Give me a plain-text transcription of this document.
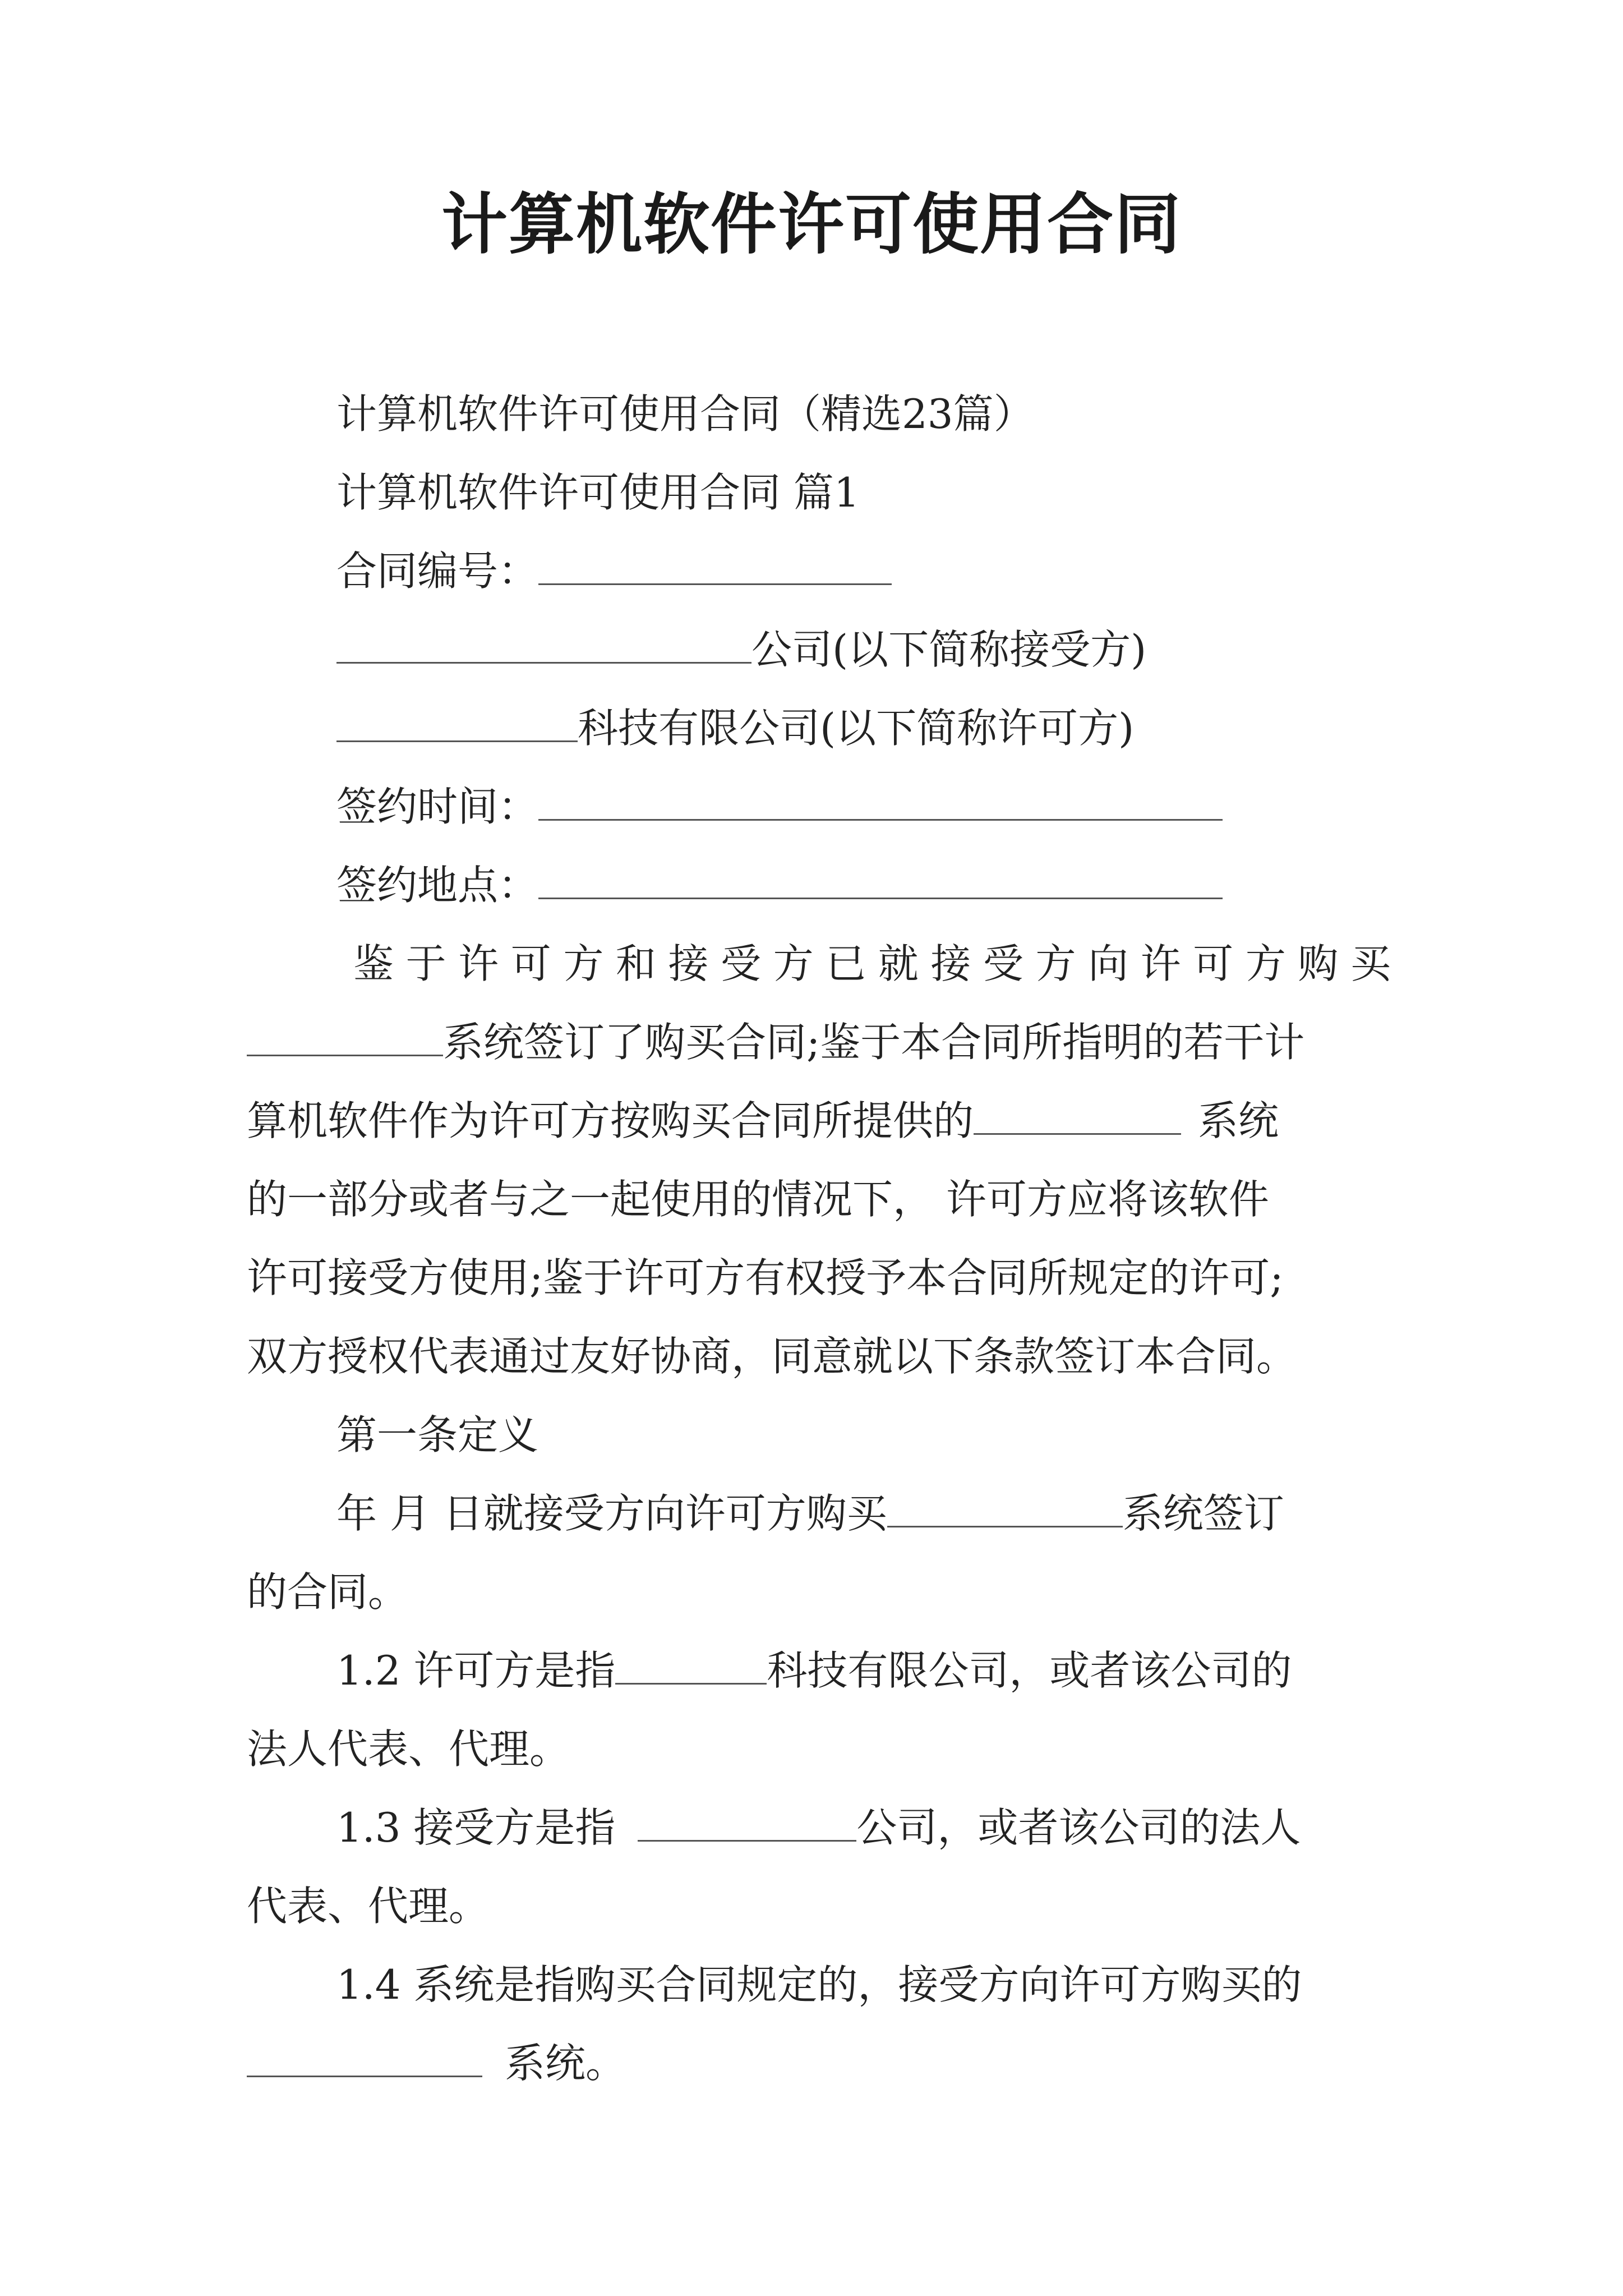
计算机软件许可使用合同
计算机软件许可使用合同（精选23篇）
计算机软件许可使用合同 篇1
合同编号：
公司(以下简称接受方)
科技有限公司(以下简称许可方)
签约时间：
签约地点：
鉴于许可方和接受方已就接受方向许可方购买
系统签订了购买合同;鉴于本合同所指明的若干计
算机软件作为许可方按购买合同所提供的	系统
的一部分或者与之一起使用的情况下， 许可方应将该软件
许可接受方使用;鉴于许可方有权授予本合同所规定的许可;
双方授权代表通过友好协商，同意就以下条款签订本合同。
第一条定义
年 月 日就接受方向许可方购买	系统签订
的合同。
1.2 许可方是指	科技有限公司，或者该公司的
法人代表、代理。
1.3 接受方是指	公司，或者该公司的法人
代表、代理。
1.4 系统是指购买合同规定的，接受方向许可方购买的
系统。
